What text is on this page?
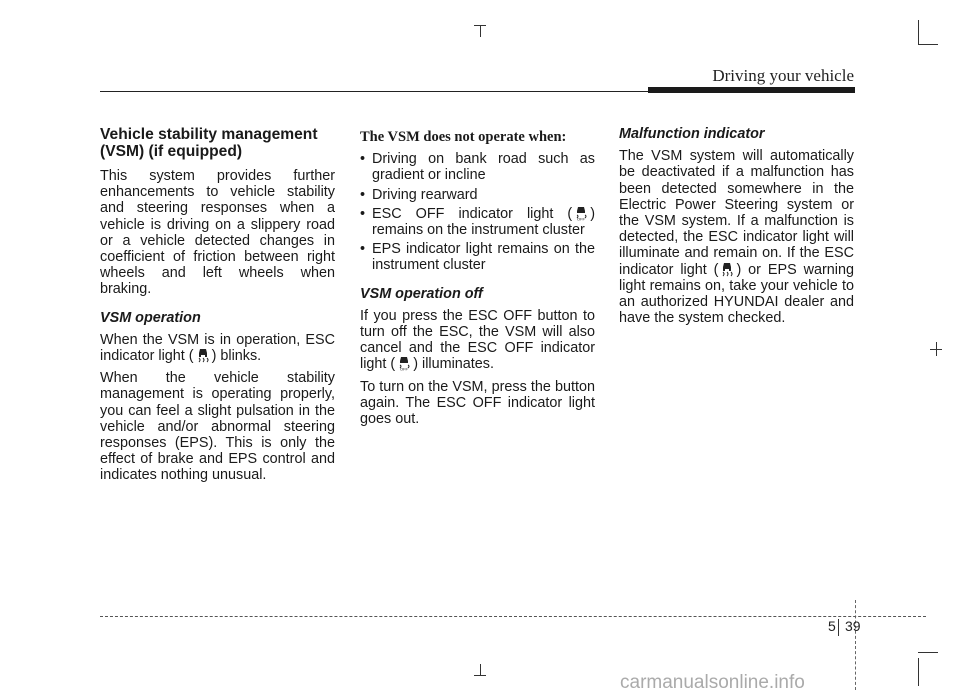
Driving your vehicle
Vehicle stability management
(VSM) (if equipped)

This system provides further enhancements to vehicle stability and steering responses when a vehicle is driving on a slippery road or a vehicle detected changes in coefficient of friction between right wheels and left wheels when braking.

VSM operation

When the VSM is in operation, ESC indicator light ( ) blinks.

When the vehicle stability management is operating properly, you can feel a slight pulsation in the vehicle and/or abnormal steering responses (EPS). This is only the effect of brake and EPS control and indicates nothing unusual.

The VSM does not operate when:
• Driving on bank road such as gradient or incline
• Driving rearward
• ESC OFF indicator light ( OFF ) remains on the instrument cluster
• EPS indicator light remains on the instrument cluster
VSM operation off

If you press the ESC OFF button to turn off the ESC, the VSM will also cancel and the ESC OFF indicator light ( OFF ) illuminates.

To turn on the VSM, press the button again. The ESC OFF indicator light goes out.

Malfunction indicator

The VSM system will automatically be deactivated if a malfunction has been detected somewhere in the Electric Power Steering system or the VSM system. If a malfunction is detected, the ESC indicator light will illuminate and remain on. If the ESC indicator light ( ) or EPS warning light remains on, take your vehicle to an authorized HYUNDAI dealer and have the system checked.

5 39
carmanualsonline.info
